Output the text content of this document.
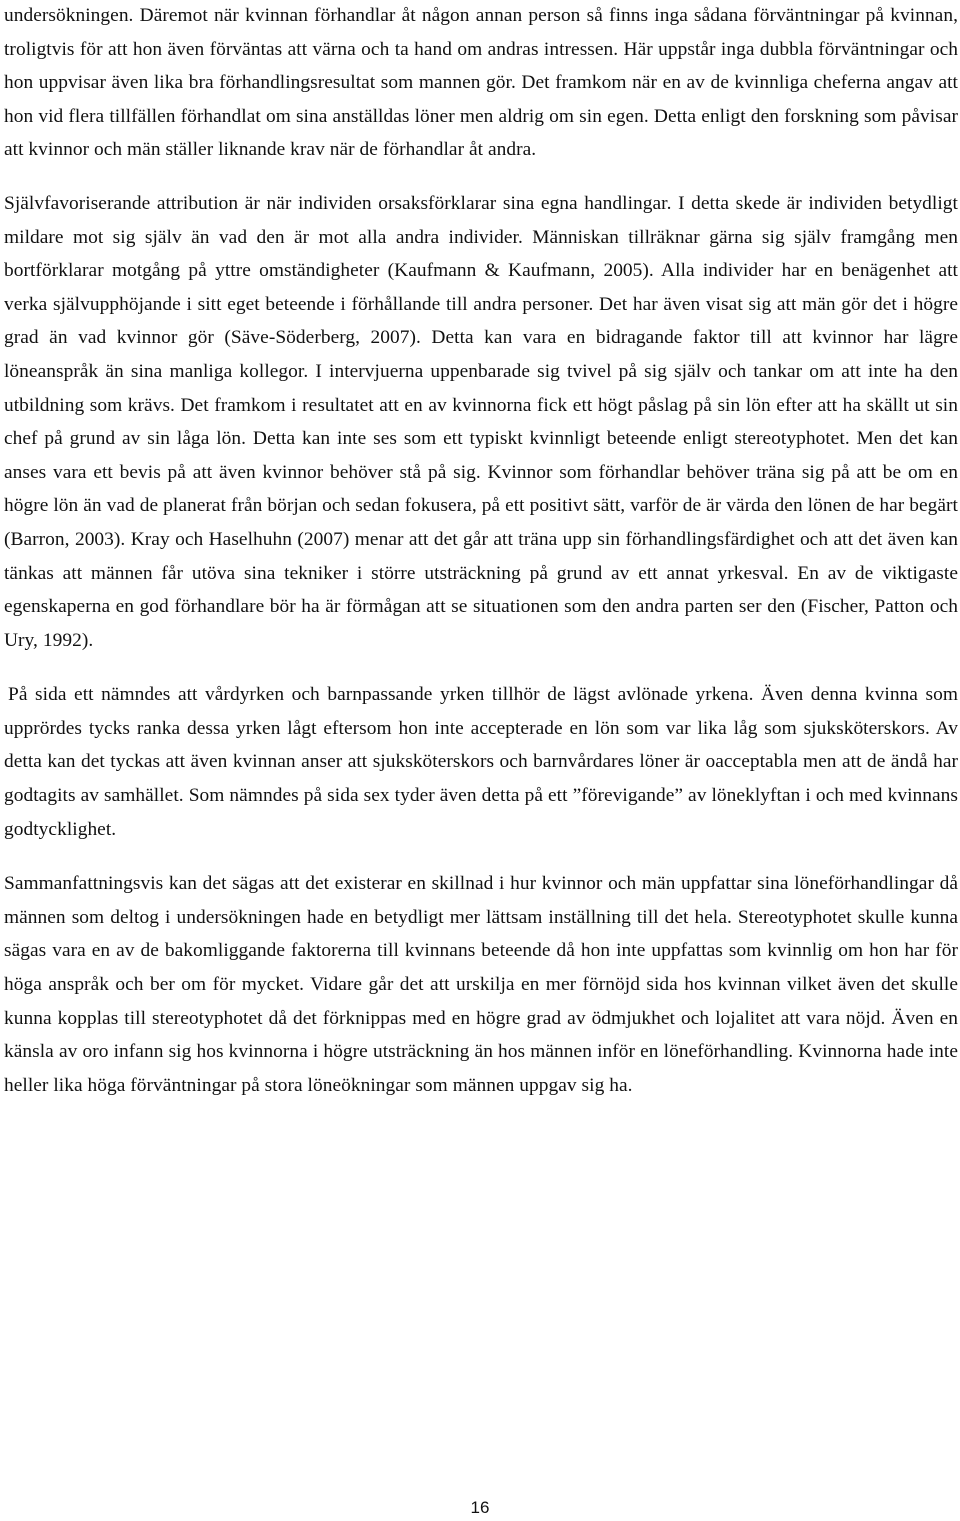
undersökningen. Däremot när kvinnan förhandlar åt någon annan person så finns inga sådana förväntningar på kvinnan, troligtvis för att hon även förväntas att värna och ta hand om andras intressen. Här uppstår inga dubbla förväntningar och hon uppvisar även lika bra förhandlingsresultat som mannen gör. Det framkom när en av de kvinnliga cheferna angav att hon vid flera tillfällen förhandlat om sina anställdas löner men aldrig om sin egen. Detta enligt den forskning som påvisar att kvinnor och män ställer liknande krav när de förhandlar åt andra.

Självfavoriserande attribution är när individen orsaksförklarar sina egna handlingar. I detta skede är individen betydligt mildare mot sig själv än vad den är mot alla andra individer. Människan tillräknar gärna sig själv framgång men bortförklarar motgång på yttre omständigheter (Kaufmann & Kaufmann, 2005). Alla individer har en benägenhet att verka självupphöjande i sitt eget beteende i förhållande till andra personer. Det har även visat sig att män gör det i högre grad än vad kvinnor gör (Säve-Söderberg, 2007). Detta kan vara en bidragande faktor till att kvinnor har lägre löneanspråk än sina manliga kollegor. I intervjuerna uppenbarade sig tvivel på sig själv och tankar om att inte ha den utbildning som krävs. Det framkom i resultatet att en av kvinnorna fick ett högt påslag på sin lön efter att ha skällt ut sin chef på grund av sin låga lön. Detta kan inte ses som ett typiskt kvinnligt beteende enligt stereotyphotet. Men det kan anses vara ett bevis på att även kvinnor behöver stå på sig. Kvinnor som förhandlar behöver träna sig på att be om en högre lön än vad de planerat från början och sedan fokusera, på ett positivt sätt, varför de är värda den lönen de har begärt (Barron, 2003). Kray och Haselhuhn (2007) menar att det går att träna upp sin förhandlingsfärdighet och att det även kan tänkas att männen får utöva sina tekniker i större utsträckning på grund av ett annat yrkesval. En av de viktigaste egenskaperna en god förhandlare bör ha är förmågan att se situationen som den andra parten ser den (Fischer, Patton och Ury, 1992).

På sida ett nämndes att vårdyrken och barnpassande yrken tillhör de lägst avlönade yrkena. Även denna kvinna som upprördes tycks ranka dessa yrken lågt eftersom hon inte accepterade en lön som var lika låg som sjuksköterskors. Av detta kan det tyckas att även kvinnan anser att sjuksköterskors och barnvårdares löner är oacceptabla men att de ändå har godtagits av samhället. Som nämndes på sida sex tyder även detta på ett ”förevigande” av löneklyftan i och med kvinnans godtycklighet.

Sammanfattningsvis kan det sägas att det existerar en skillnad i hur kvinnor och män uppfattar sina löneförhandlingar då männen som deltog i undersökningen hade en betydligt mer lättsam inställning till det hela. Stereotyphotet skulle kunna sägas vara en av de bakomliggande faktorerna till kvinnans beteende då hon inte uppfattas som kvinnlig om hon har för höga anspråk och ber om för mycket. Vidare går det att urskilja en mer förnöjd sida hos kvinnan vilket även det skulle kunna kopplas till stereotyphotet då det förknippas med en högre grad av ödmjukhet och lojalitet att vara nöjd. Även en känsla av oro infann sig hos kvinnorna i högre utsträckning än hos männen inför en löneförhandling. Kvinnorna hade inte heller lika höga förväntningar på stora löneökningar som männen uppgav sig ha.

16
